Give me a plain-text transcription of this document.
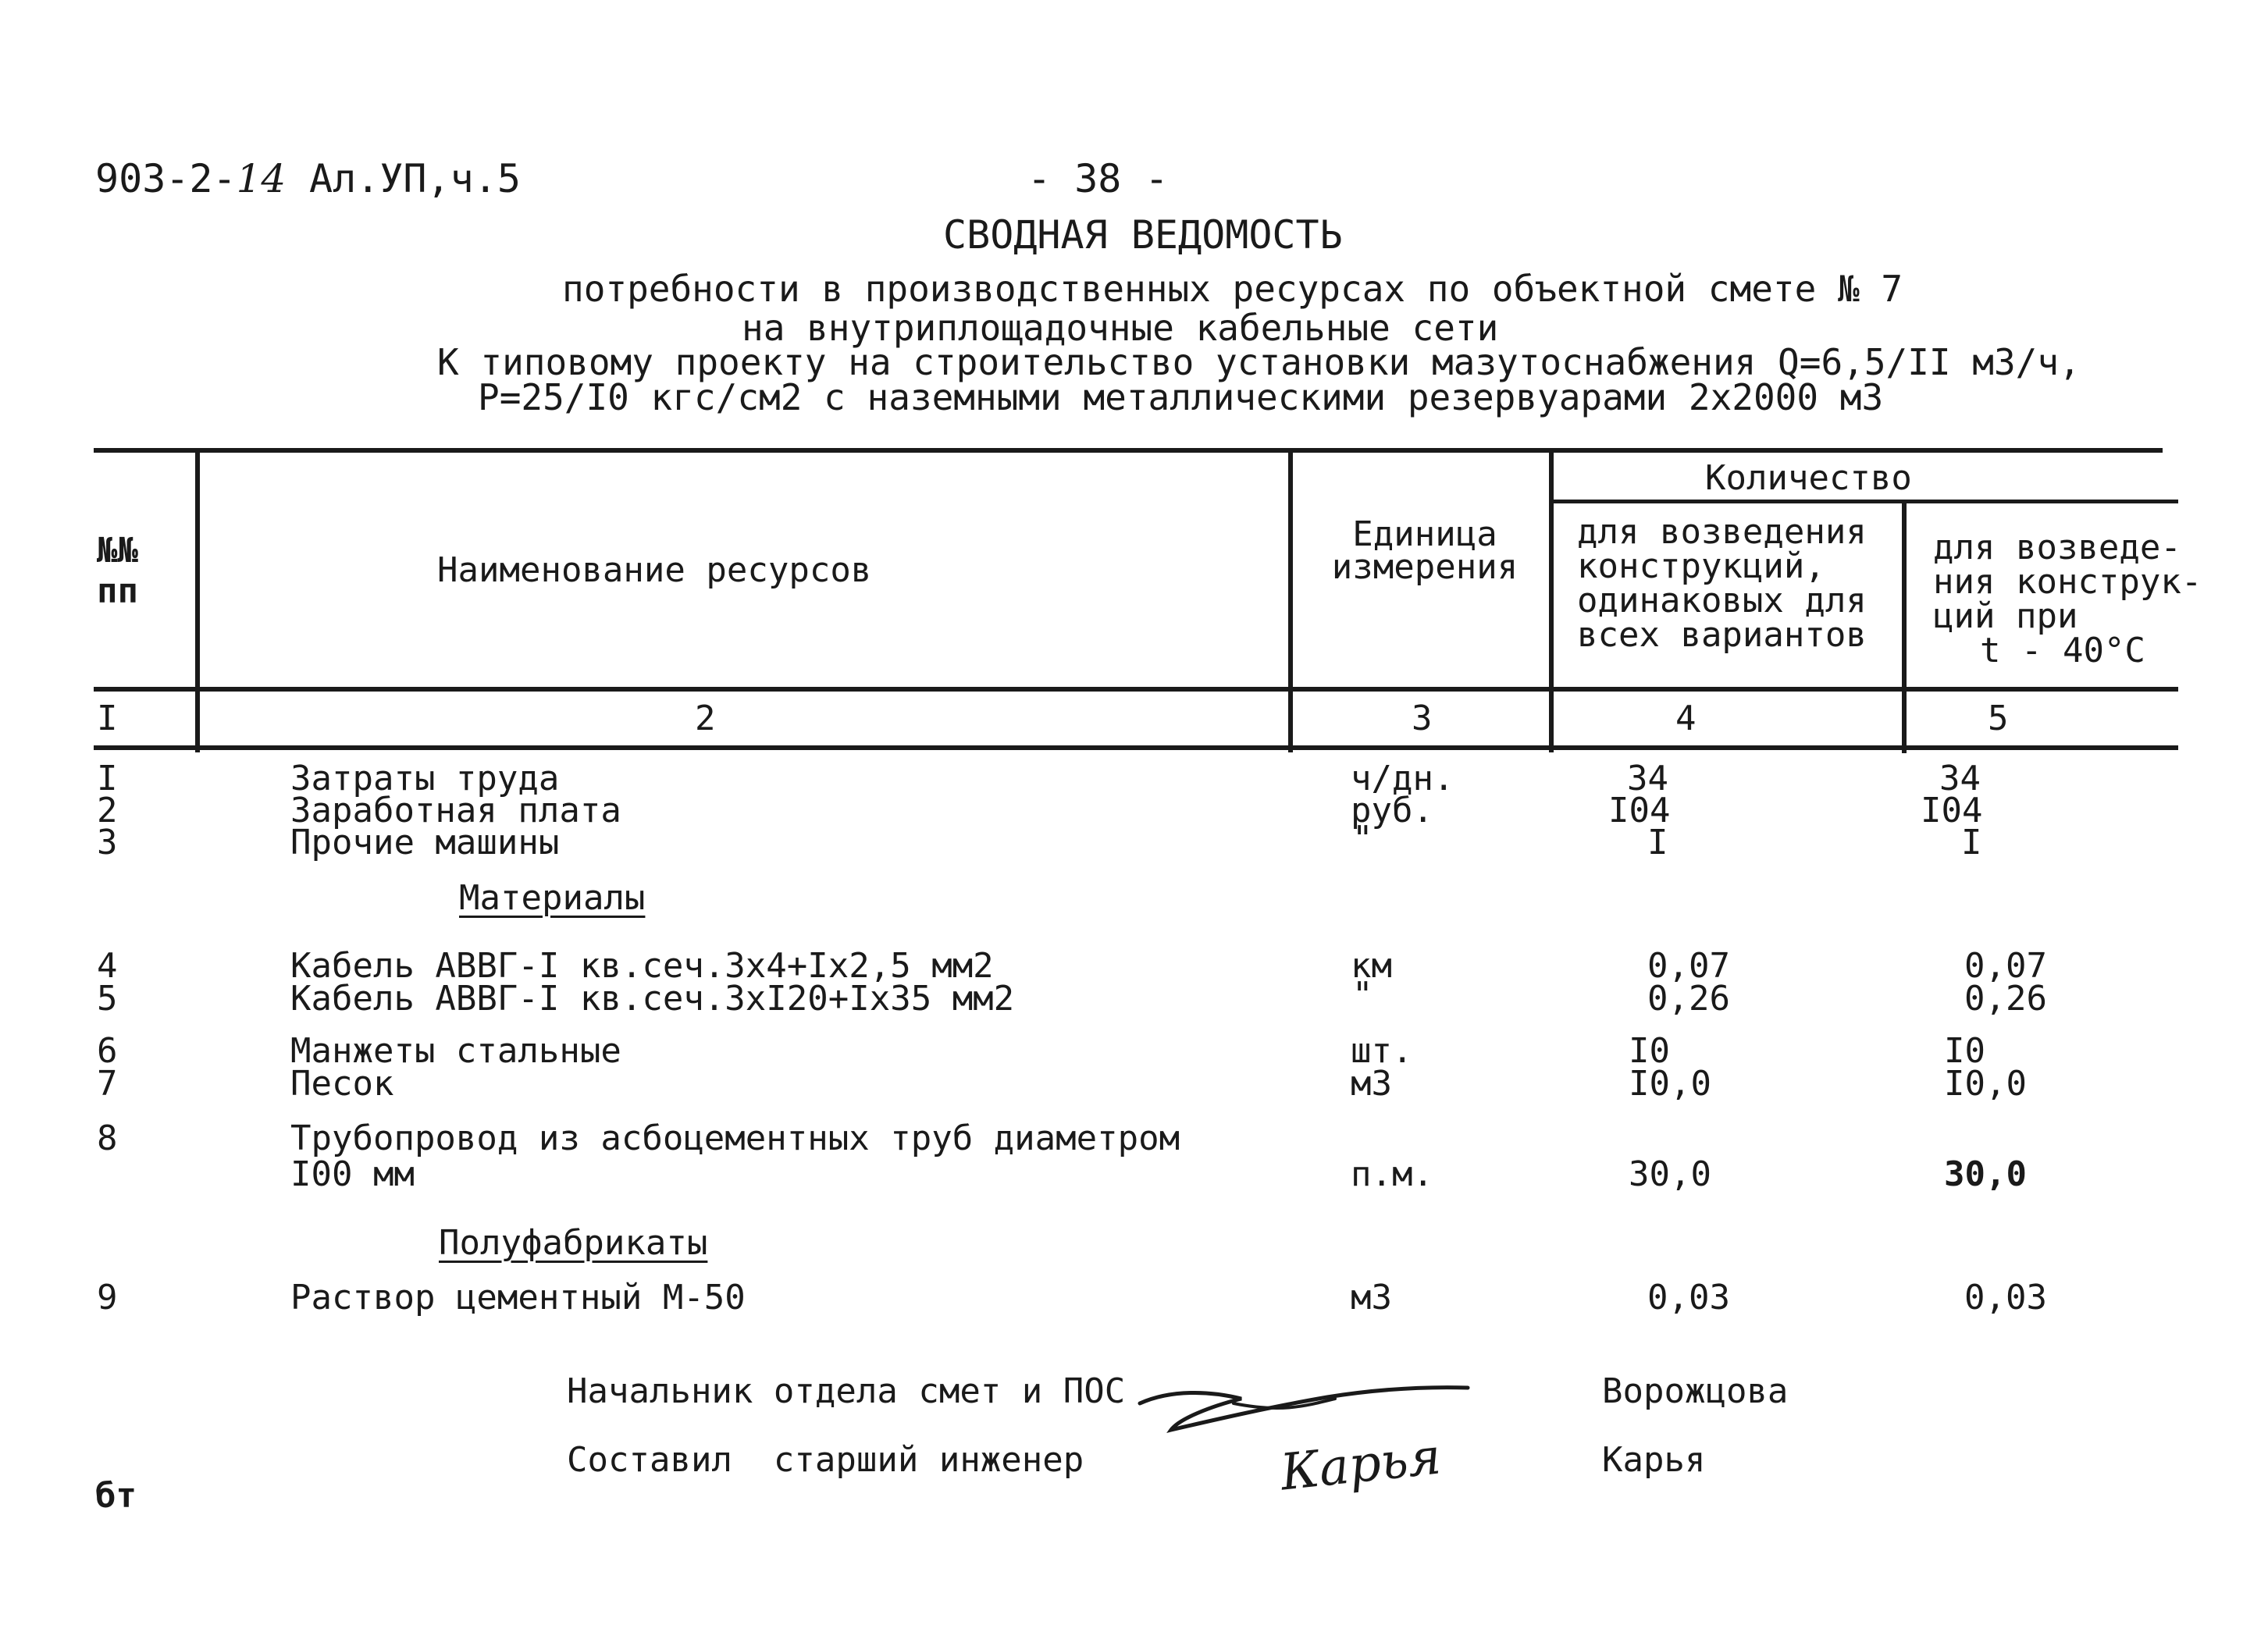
903-2-14 Ал.УП,ч.5	- 38 -
СВОДНАЯ ВЕДОМОСТЬ
потребности в производственных ресурсах по объектной смете № 7
на внутриплощадочные кабельные сети
К типовому проекту на строительство установки мазутоснабжения Q=6,5/II м3/ч,
P=25/I0 кгс/см2 с наземными металлическими резервуарами 2х2000 м3
№№
пп
Наименование ресурсов
Единица
измерения
Количество
для возведения
конструкций,
одинаковых для
всех вариантов
для возведе-
ния конструк-
ций при
t - 40°C
I	2	3	4	5
I	Затраты труда	ч/дн.	34	34
2	Заработная плата	руб.	I04	I04
3	Прочие машины	"	I	I
Материалы
4	Кабель АВВГ-I кв.сеч.3х4+Iх2,5 мм2	км	0,07	0,07
5	Кабель АВВГ-I кв.сеч.3хI20+Iх35 мм2	"	0,26	0,26
6	Манжеты стальные	шт.	I0	I0
7	Песок	м3	I0,0	I0,0
8	Трубопровод из асбоцементных труб диаметром
I00 мм	п.м.	30,0	30,0
Полуфабрикаты
9	Раствор цементный М-50	м3	0,03	0,03
Начальник отдела смет и ПОС	Ворожцова
Составил  старший инженер	Карья
Карья
бт
